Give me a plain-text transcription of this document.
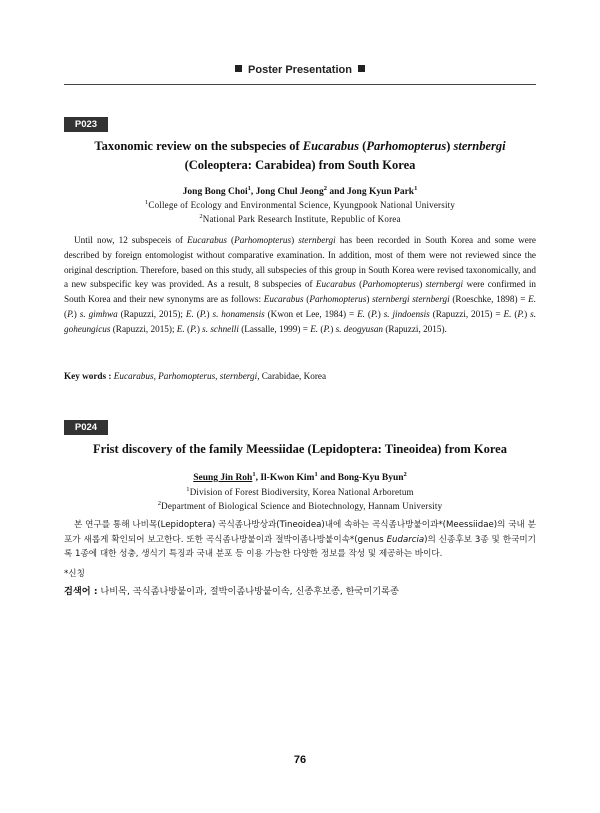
Poster Presentation
P023
Taxonomic review on the subspecies of Eucarabus (Parhomopterus) sternbergi (Coleoptera: Carabidea) from South Korea
Jong Bong Choi$^1$, Jong Chul Jeong$^2$ and Jong Kyun Park$^1$
$^1$College of Ecology and Environmental Science, Kyungpook National University
$^2$National Park Research Institute, Republic of Korea
Until now, 12 subspeceis of Eucarabus (Parhomopterus) sternbergi has been recorded in South Korea and some were described by foreign entomologist without comparative examination. In addition, most of them were not reviewed since the original description. Therefore, based on this study, all subspecies of this group in South Korea were revised taxonomically, and a new subspecific key was provided. As a result, 8 subspecies of Eucarabus (Parhomopterus) sternbergi were confirmed in South Korea and their new synonyms are as follows: Eucarabus (Parhomopterus) sternbergi sternbergi (Roeschke, 1898) = E. (P.) s. gimhwa (Rapuzzi, 2015); E. (P.) s. honamensis (Kwon et Lee, 1984) = E. (P.) s. jindoensis (Rapuzzi, 2015) = E. (P.) s. goheungicus (Rapuzzi, 2015); E. (P.) s. schnelli (Lassalle, 1999) = E. (P.) s. deogyusan (Rapuzzi, 2015).
Key words : Eucarabus, Parhomopterus, sternbergi, Carabidae, Korea
P024
Frist discovery of the family Meessiidae (Lepidoptera: Tineoidea) from Korea
Seung Jin Roh$^1$, Il-Kwon Kim$^1$ and Bong-Kyu Byun$^2$
$^1$Division of Forest Biodiversity, Korea National Arboretum
$^2$Department of Biological Science and Biotechnology, Hannam University
본 연구를 통해 나비목(Lepidoptera) 곡식좀나방상과(Tineoidea)내에 속하는 곡식좀나방붙이과*(Meessiidae)의 국내 분포가 새롭게 확인되어 보고한다. 또한 곡식좀나방붙이과 절박이좀나방붙이속*(genus Eudarcia)의 신종후보 3종 및 한국미기록 1종에 대한 성충, 생식기 특징과 국내 분포 등 이용 가능한 다양한 정보를 작성 및 제공하는 바이다.
*신칭
검색어 : 나비목, 곡식좀나방붙이과, 절박이좀나방붙이속, 신종후보종, 한국미기록종
76
